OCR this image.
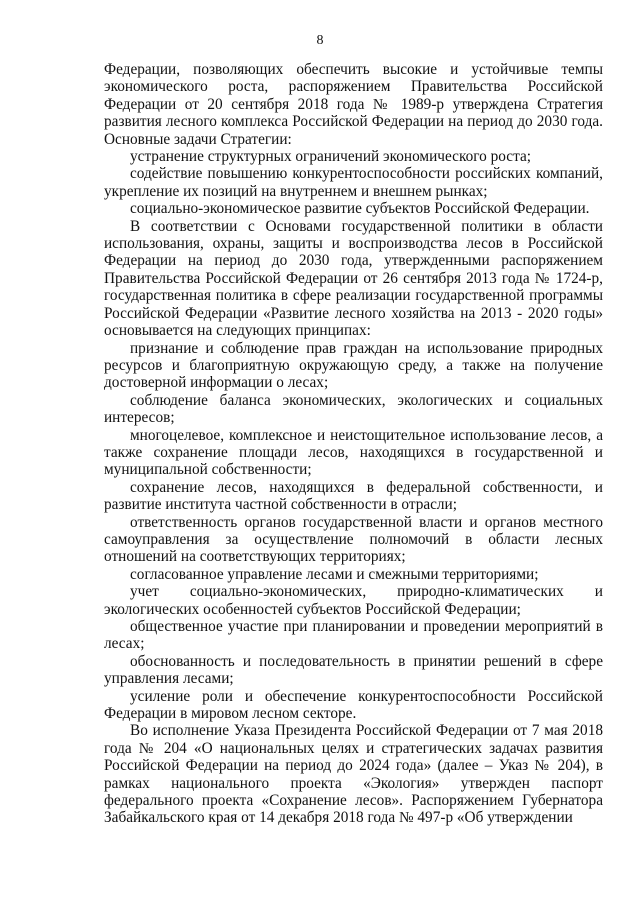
8

Федерации, позволяющих обеспечить высокие и устойчивые темпы экономического роста, распоряжением Правительства Российской Федерации от 20 сентября 2018 года № 1989-р утверждена Стратегия развития лесного комплекса Российской Федерации на период до 2030 года. Основные задачи Стратегии:

устранение структурных ограничений экономического роста;

содействие повышению конкурентоспособности российских компаний, укрепление их позиций на внутреннем и внешнем рынках;

социально-экономическое развитие субъектов Российской Федерации.

В соответствии с Основами государственной политики в области использования, охраны, защиты и воспроизводства лесов в Российской Федерации на период до 2030 года, утвержденными распоряжением Правительства Российской Федерации от 26 сентября 2013 года № 1724-р, государственная политика в сфере реализации государственной программы Российской Федерации «Развитие лесного хозяйства на 2013 - 2020 годы» основывается на следующих принципах:

признание и соблюдение прав граждан на использование природных ресурсов и благоприятную окружающую среду, а также на получение достоверной информации о лесах;

соблюдение баланса экономических, экологических и социальных интересов;

многоцелевое, комплексное и неистощительное использование лесов, а также сохранение площади лесов, находящихся в государственной и муниципальной собственности;

сохранение лесов, находящихся в федеральной собственности, и развитие института частной собственности в отрасли;

ответственность органов государственной власти и органов местного самоуправления за осуществление полномочий в области лесных отношений на соответствующих территориях;

согласованное управление лесами и смежными территориями;

учет социально-экономических, природно-климатических и экологических особенностей субъектов Российской Федерации;

общественное участие при планировании и проведении мероприятий в лесах;

обоснованность и последовательность в принятии решений в сфере управления лесами;

усиление роли и обеспечение конкурентоспособности Российской Федерации в мировом лесном секторе.

Во исполнение Указа Президента Российской Федерации от 7 мая 2018 года № 204 «О национальных целях и стратегических задачах развития Российской Федерации на период до 2024 года» (далее – Указ № 204), в рамках национального проекта «Экология» утвержден паспорт федерального проекта «Сохранение лесов». Распоряжением Губернатора Забайкальского края от 14 декабря 2018 года № 497-р «Об утверждении
